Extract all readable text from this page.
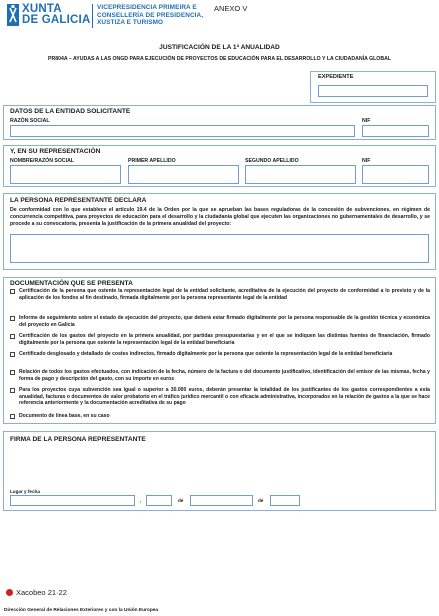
XUNTA
DE GALICIA
VICEPRESIDENCIA PRIMEIRA E
CONSELLERÍA DE PRESIDENCIA,
XUSTIZA E TURISMO
ANEXO V
JUSTIFICACIÓN DE LA 1ª ANUALIDAD
PR804A – AYUDAS A LAS ONGD PARA EJECUCIÓN DE PROYECTOS DE EDUCACIÓN PARA EL DESARROLLO Y LA CIUDADANÍA GLOBAL
EXPEDIENTE
DATOS DE LA ENTIDAD SOLICITANTE
RAZÓN SOCIAL	NIF
Y, EN SU REPRESENTACIÓN
NOMBRE/RAZÓN SOCIAL	PRIMER APELLIDO	SEGUNDO APELLIDO	NIF
LA PERSONA REPRESENTANTE DECLARA
De conformidad con lo que establece el artículo 19.4 de la Orden por la que se aprueban las bases reguladoras de la concesión de subvenciones, en régimen de concurrencia competitiva, para proyectos de educación para el desarrollo y la ciudadanía global que ejecuten las organizaciones no gubernamentales de desarrollo, y se procede a su convocatoria, presenta la justificación de la primera anualidad del proyecto:
DOCUMENTACIÓN QUE SE PRESENTA
Certificación de la persona que ostente la representación legal de la entidad solicitante, acreditativa de la ejecución del proyecto de conformidad a lo previsto y de la aplicación de los fondos al fin destinado, firmada digitalmente por la persona representante legal de la entidad
Informe de seguimiento sobre el estado de ejecución del proyecto, que deberá estar firmado digitalmente por la persona responsable de la gestión técnica y económica del proyecto en Galicia
Certificación de los gastos del proyecto en la primera anualidad, por partidas presupuestarias y en el que se indiquen las distintas fuentes de financiación, firmado digitalmente por la persona que ostente la representación legal de la entidad beneficiaria
Certificado desglosado y detallado de costes indirectos, firmado digitalmente por la persona que ostente la representación legal de la entidad beneficiaria
Relación de todos los gastos efectuados, con indicación de la fecha, número de la factura o del documento justificativo, identificación del emisor de las mismas, fecha y forma de pago y descripción del gasto, con su importe en euros
Para los proyectos cuya subvención sea igual o superior a 30.000 euros, deberán presentar la totalidad de los justificantes de los gastos correspondientes a esta anualidad, facturas o documentos de valor probatorio en el tráfico jurídico mercantil o con eficacia administrativa, incorporados en la relación de gastos a la que se hace referencia anteriormente y la documentación acreditativa de su pago
Documento de línea base, en su caso
FIRMA DE LA PERSONA REPRESENTANTE
Lugar y fecha
,	de	de
Xacobeo 21·22
Dirección General de Relaciones Exteriores y con la Unión Europea
